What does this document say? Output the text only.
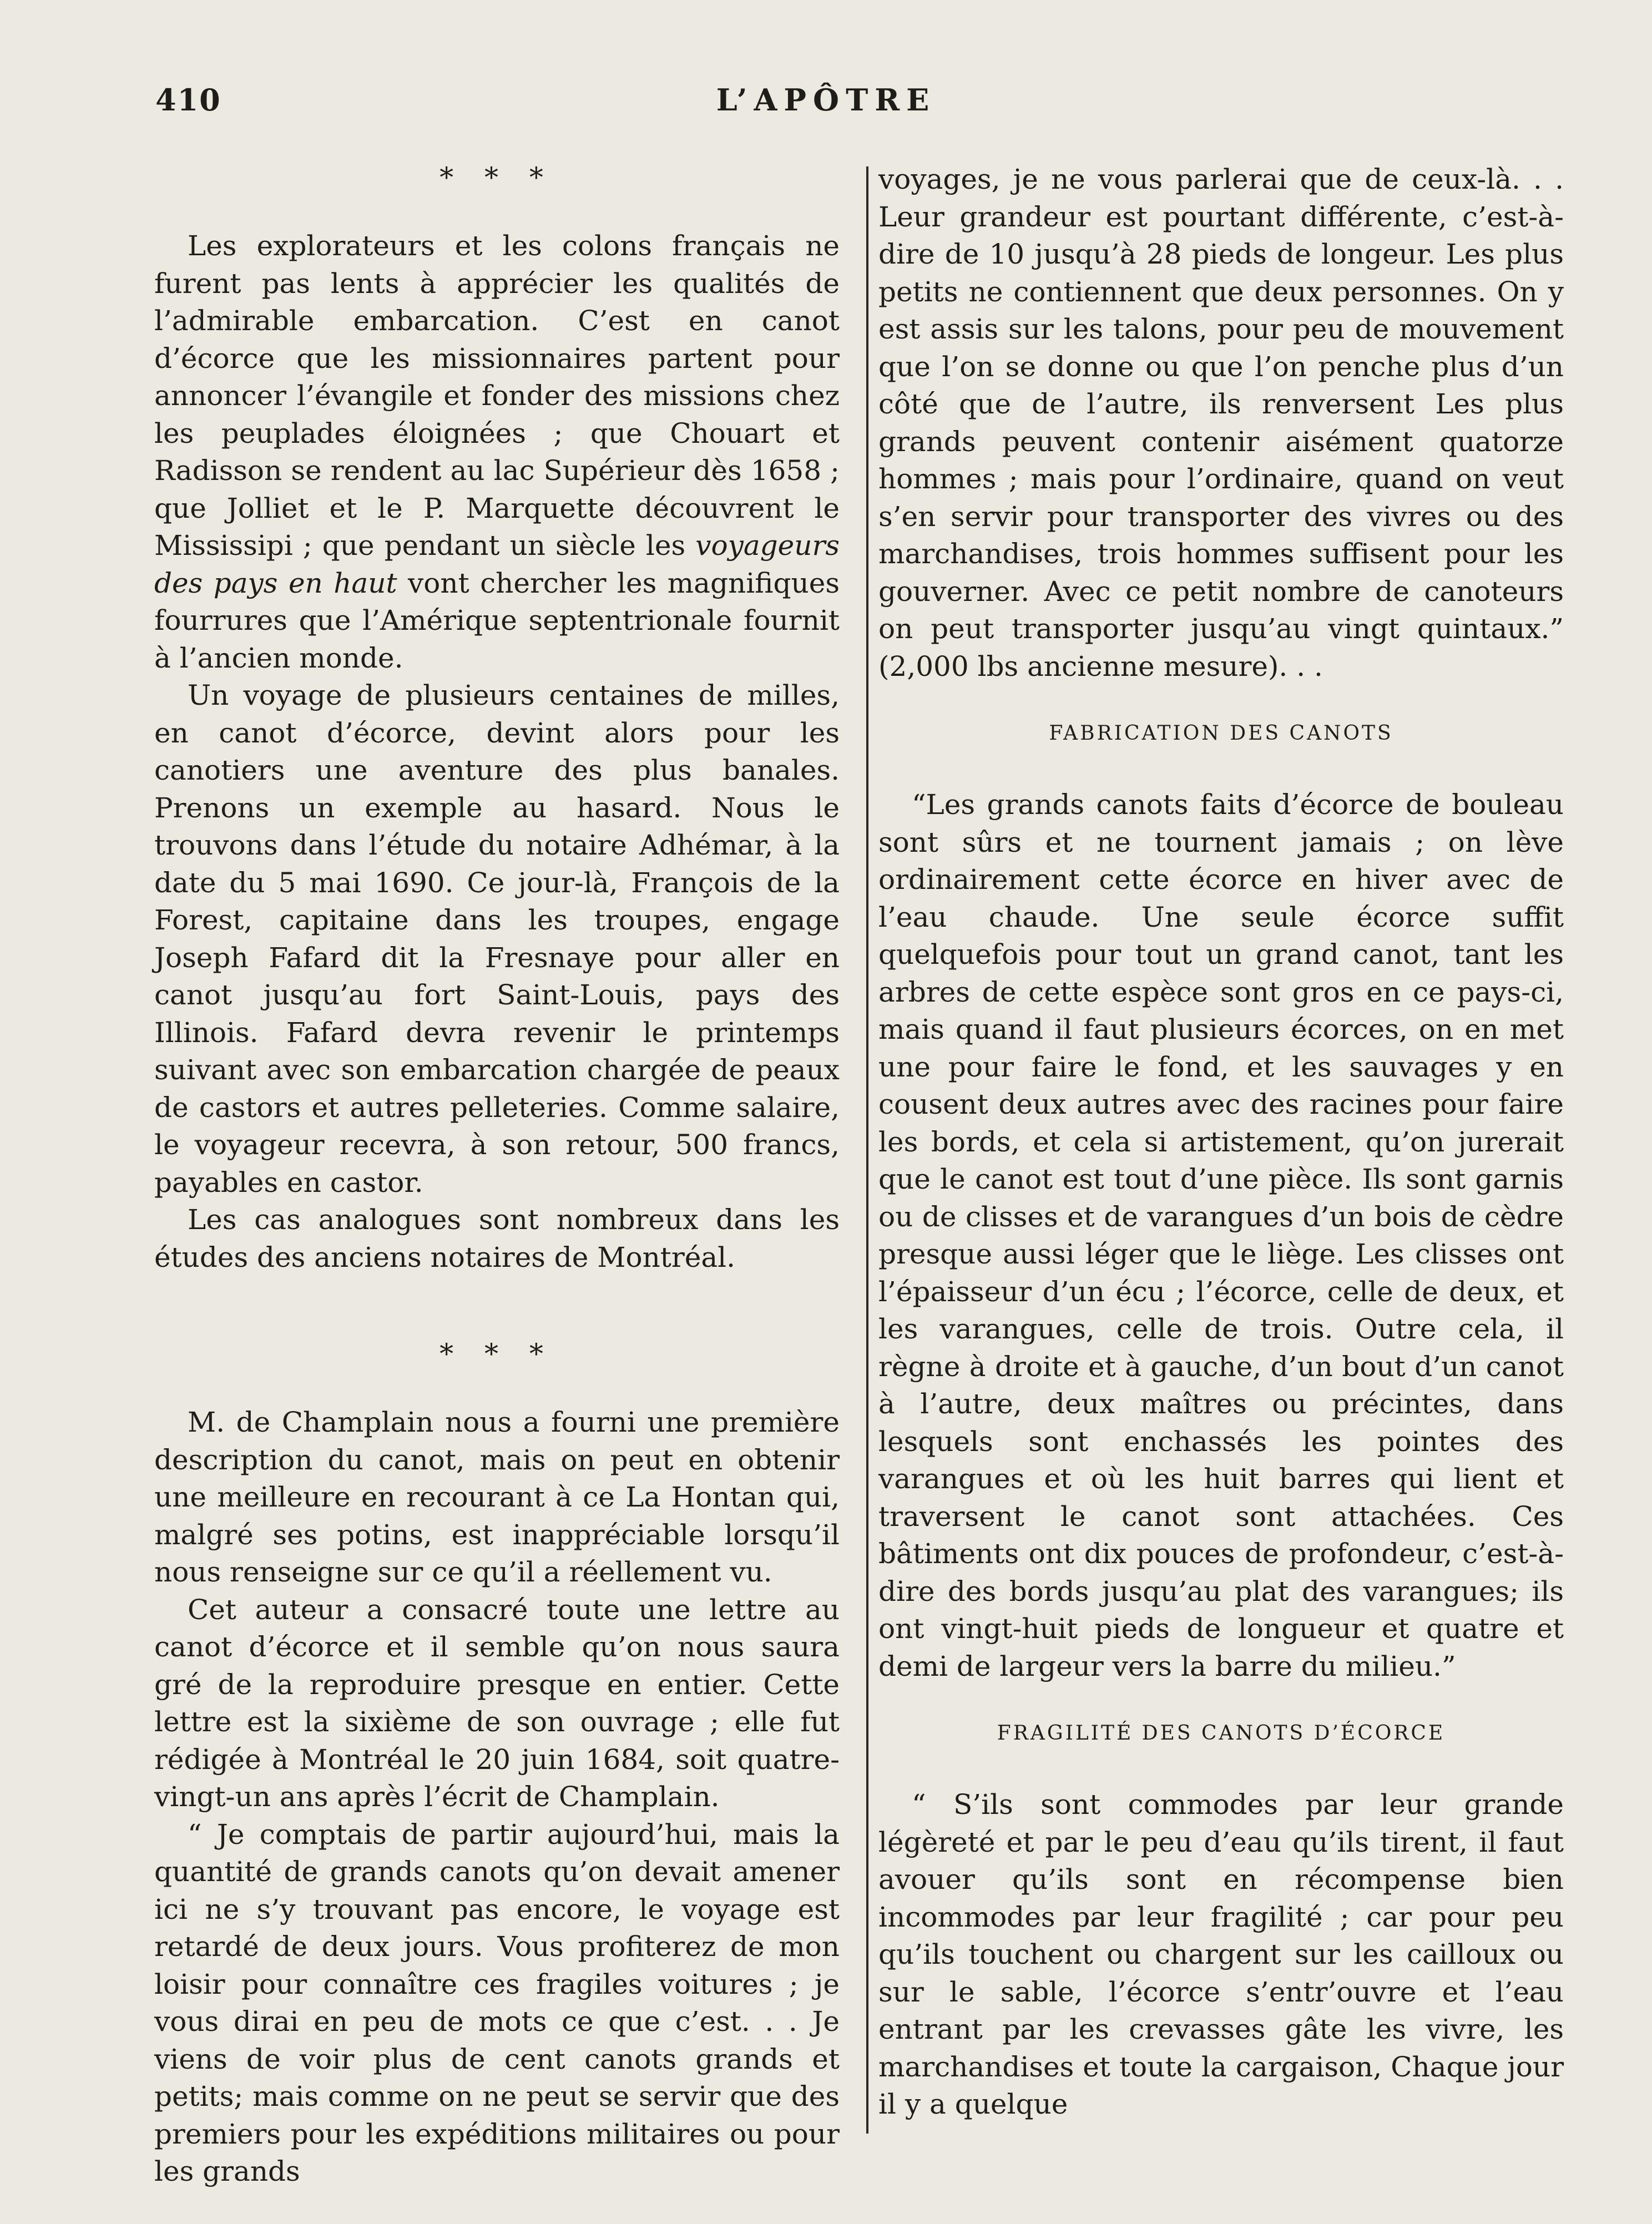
410	L’APÔTRE
* * *

Les explorateurs et les colons français ne furent pas lents à apprécier les qualités de l’admirable embarcation. C’est en canot d’écorce que les missionnaires partent pour annoncer l’évangile et fonder des missions chez les peuplades éloignées ; que Chouart et Radisson se rendent au lac Supérieur dès 1658 ; que Jolliet et le P. Marquette découvrent le Mississipi ; que pendant un siècle les voyageurs des pays en haut vont chercher les magnifiques fourrures que l’Amérique septentrionale fournit à l’ancien monde.

Un voyage de plusieurs centaines de milles, en canot d’écorce, devint alors pour les canotiers une aventure des plus banales. Prenons un exemple au hasard. Nous le trouvons dans l’étude du notaire Adhémar, à la date du 5 mai 1690. Ce jour-là, François de la Forest, capitaine dans les troupes, engage Joseph Fafard dit la Fresnaye pour aller en canot jusqu’au fort Saint-Louis, pays des Illinois. Fafard devra revenir le printemps suivant avec son embarcation chargée de peaux de castors et autres pelleteries. Comme salaire, le voyageur recevra, à son retour, 500 francs, payables en castor.

Les cas analogues sont nombreux dans les études des anciens notaires de Montréal.

* * *

M. de Champlain nous a fourni une première description du canot, mais on peut en obtenir une meilleure en recourant à ce La Hontan qui, malgré ses potins, est inappréciable lorsqu’il nous renseigne sur ce qu’il a réellement vu.

Cet auteur a consacré toute une lettre au canot d’écorce et il semble qu’on nous saura gré de la reproduire presque en entier. Cette lettre est la sixième de son ouvrage ; elle fut rédigée à Montréal le 20 juin 1684, soit quatre-vingt-un ans après l’écrit de Champlain.

“ Je comptais de partir aujourd’hui, mais la quantité de grands canots qu’on devait amener ici ne s’y trouvant pas encore, le voyage est retardé de deux jours. Vous profiterez de mon loisir pour connaître ces fragiles voitures ; je vous dirai en peu de mots ce que c’est. . . Je viens de voir plus de cent canots grands et petits; mais comme on ne peut se servir que des premiers pour les expéditions militaires ou pour les grands

voyages, je ne vous parlerai que de ceux-là. . . Leur grandeur est pourtant différente, c’est-à-dire de 10 jusqu’à 28 pieds de longeur. Les plus petits ne contiennent que deux personnes. On y est assis sur les talons, pour peu de mouvement que l’on se donne ou que l’on penche plus d’un côté que de l’autre, ils renversent Les plus grands peuvent contenir aisément quatorze hommes ; mais pour l’ordinaire, quand on veut s’en servir pour transporter des vivres ou des marchandises, trois hommes suffisent pour les gouverner. Avec ce petit nombre de canoteurs on peut transporter jusqu’au vingt quintaux.” (2,000 lbs ancienne mesure). . .

FABRICATION DES CANOTS

“Les grands canots faits d’écorce de bouleau sont sûrs et ne tournent jamais ; on lève ordinairement cette écorce en hiver avec de l’eau chaude. Une seule écorce suffit quelquefois pour tout un grand canot, tant les arbres de cette espèce sont gros en ce pays-ci, mais quand il faut plusieurs écorces, on en met une pour faire le fond, et les sauvages y en cousent deux autres avec des racines pour faire les bords, et cela si artistement, qu’on jurerait que le canot est tout d’une pièce. Ils sont garnis ou de clisses et de varangues d’un bois de cèdre presque aussi léger que le liège. Les clisses ont l’épaisseur d’un écu ; l’écorce, celle de deux, et les varangues, celle de trois. Outre cela, il règne à droite et à gauche, d’un bout d’un canot à l’autre, deux maîtres ou précintes, dans lesquels sont enchassés les pointes des varangues et où les huit barres qui lient et traversent le canot sont attachées. Ces bâtiments ont dix pouces de profondeur, c’est-à-dire des bords jusqu’au plat des varangues; ils ont vingt-huit pieds de longueur et quatre et demi de largeur vers la barre du milieu.”

FRAGILITÉ DES CANOTS D’ÉCORCE

“ S’ils sont commodes par leur grande légèreté et par le peu d’eau qu’ils tirent, il faut avouer qu’ils sont en récompense bien incommodes par leur fragilité ; car pour peu qu’ils touchent ou chargent sur les cailloux ou sur le sable, l’écorce s’entr’ouvre et l’eau entrant par les crevasses gâte les vivre, les marchandises et toute la cargaison, Chaque jour il y a quelque
